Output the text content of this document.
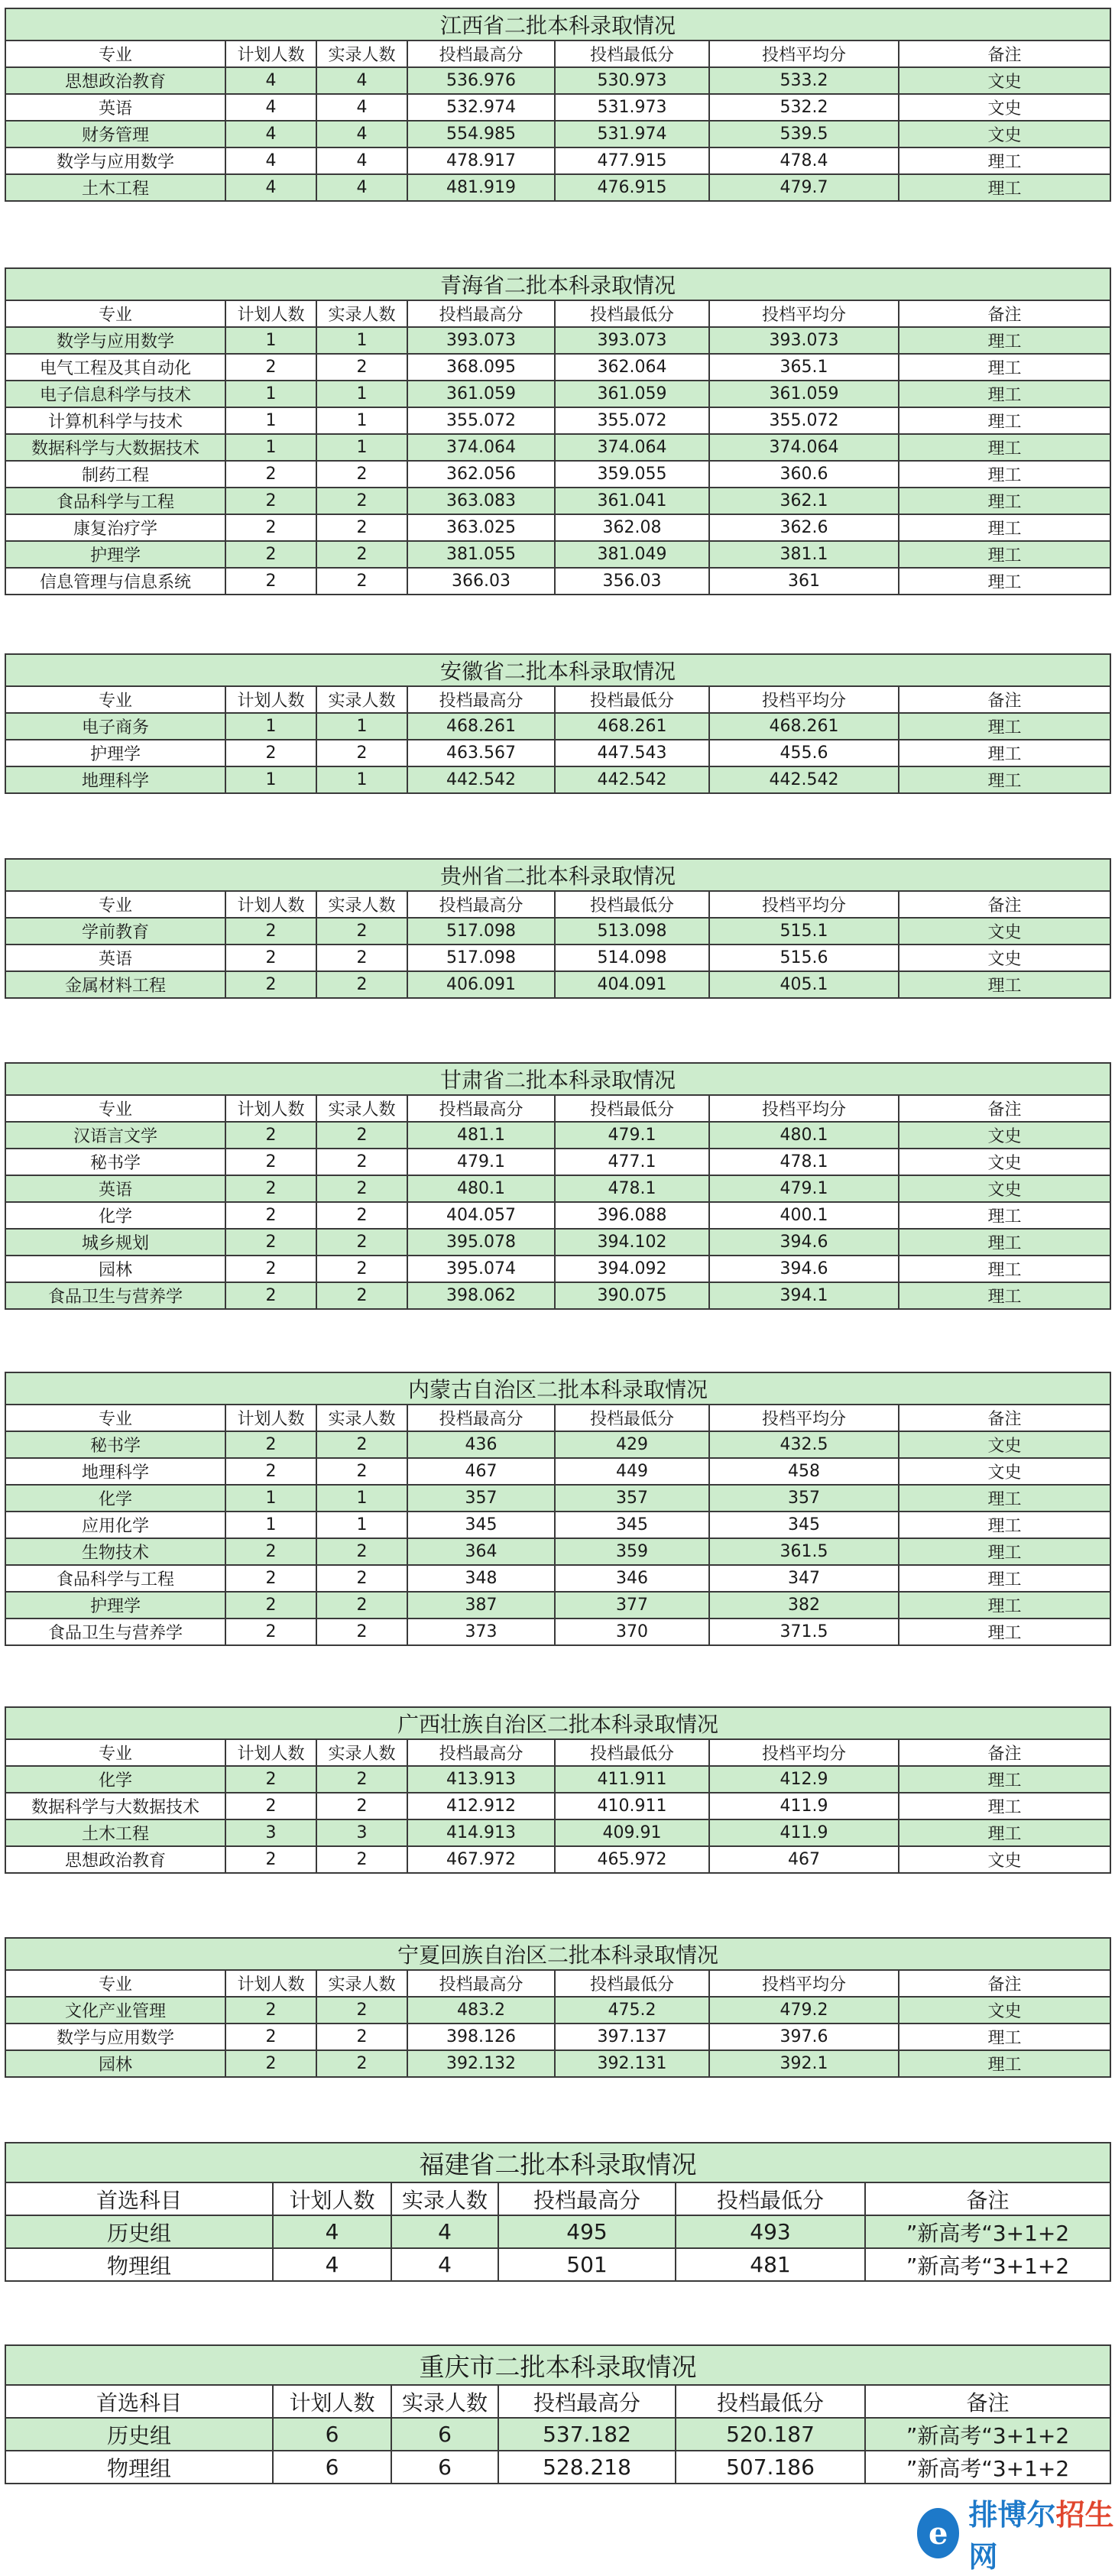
江西省二批本科录取情况						
专业	计划人数	实录人数	投档最高分	投档最低分	投档平均分	备注
思想政治教育	4	4	536.976	530.973	533.2	文史
英语	4	4	532.974	531.973	532.2	文史
财务管理	4	4	554.985	531.974	539.5	文史
数学与应用数学	4	4	478.917	477.915	478.4	理工
土木工程	4	4	481.919	476.915	479.7	理工
青海省二批本科录取情况						
专业	计划人数	实录人数	投档最高分	投档最低分	投档平均分	备注
数学与应用数学	1	1	393.073	393.073	393.073	理工
电气工程及其自动化	2	2	368.095	362.064	365.1	理工
电子信息科学与技术	1	1	361.059	361.059	361.059	理工
计算机科学与技术	1	1	355.072	355.072	355.072	理工
数据科学与大数据技术	1	1	374.064	374.064	374.064	理工
制药工程	2	2	362.056	359.055	360.6	理工
食品科学与工程	2	2	363.083	361.041	362.1	理工
康复治疗学	2	2	363.025	362.08	362.6	理工
护理学	2	2	381.055	381.049	381.1	理工
信息管理与信息系统	2	2	366.03	356.03	361	理工
安徽省二批本科录取情况						
专业	计划人数	实录人数	投档最高分	投档最低分	投档平均分	备注
电子商务	1	1	468.261	468.261	468.261	理工
护理学	2	2	463.567	447.543	455.6	理工
地理科学	1	1	442.542	442.542	442.542	理工
贵州省二批本科录取情况						
专业	计划人数	实录人数	投档最高分	投档最低分	投档平均分	备注
学前教育	2	2	517.098	513.098	515.1	文史
英语	2	2	517.098	514.098	515.6	文史
金属材料工程	2	2	406.091	404.091	405.1	理工
甘肃省二批本科录取情况						
专业	计划人数	实录人数	投档最高分	投档最低分	投档平均分	备注
汉语言文学	2	2	481.1	479.1	480.1	文史
秘书学	2	2	479.1	477.1	478.1	文史
英语	2	2	480.1	478.1	479.1	文史
化学	2	2	404.057	396.088	400.1	理工
城乡规划	2	2	395.078	394.102	394.6	理工
园林	2	2	395.074	394.092	394.6	理工
食品卫生与营养学	2	2	398.062	390.075	394.1	理工
内蒙古自治区二批本科录取情况						
专业	计划人数	实录人数	投档最高分	投档最低分	投档平均分	备注
秘书学	2	2	436	429	432.5	文史
地理科学	2	2	467	449	458	文史
化学	1	1	357	357	357	理工
应用化学	1	1	345	345	345	理工
生物技术	2	2	364	359	361.5	理工
食品科学与工程	2	2	348	346	347	理工
护理学	2	2	387	377	382	理工
食品卫生与营养学	2	2	373	370	371.5	理工
广西壮族自治区二批本科录取情况						
专业	计划人数	实录人数	投档最高分	投档最低分	投档平均分	备注
化学	2	2	413.913	411.911	412.9	理工
数据科学与大数据技术	2	2	412.912	410.911	411.9	理工
土木工程	3	3	414.913	409.91	411.9	理工
思想政治教育	2	2	467.972	465.972	467	文史
宁夏回族自治区二批本科录取情况						
专业	计划人数	实录人数	投档最高分	投档最低分	投档平均分	备注
文化产业管理	2	2	483.2	475.2	479.2	文史
数学与应用数学	2	2	398.126	397.137	397.6	理工
园林	2	2	392.132	392.131	392.1	理工
福建省二批本科录取情况					
首选科目	计划人数	实录人数	投档最高分	投档最低分	备注
历史组	4	4	495	493	”新高考“3+1+2
物理组	4	4	501	481	”新高考“3+1+2
重庆市二批本科录取情况					
首选科目	计划人数	实录人数	投档最高分	投档最低分	备注
历史组	6	6	537.182	520.187	”新高考“3+1+2
物理组	6	6	528.218	507.186	”新高考“3+1+2
e
排博尔招生网
